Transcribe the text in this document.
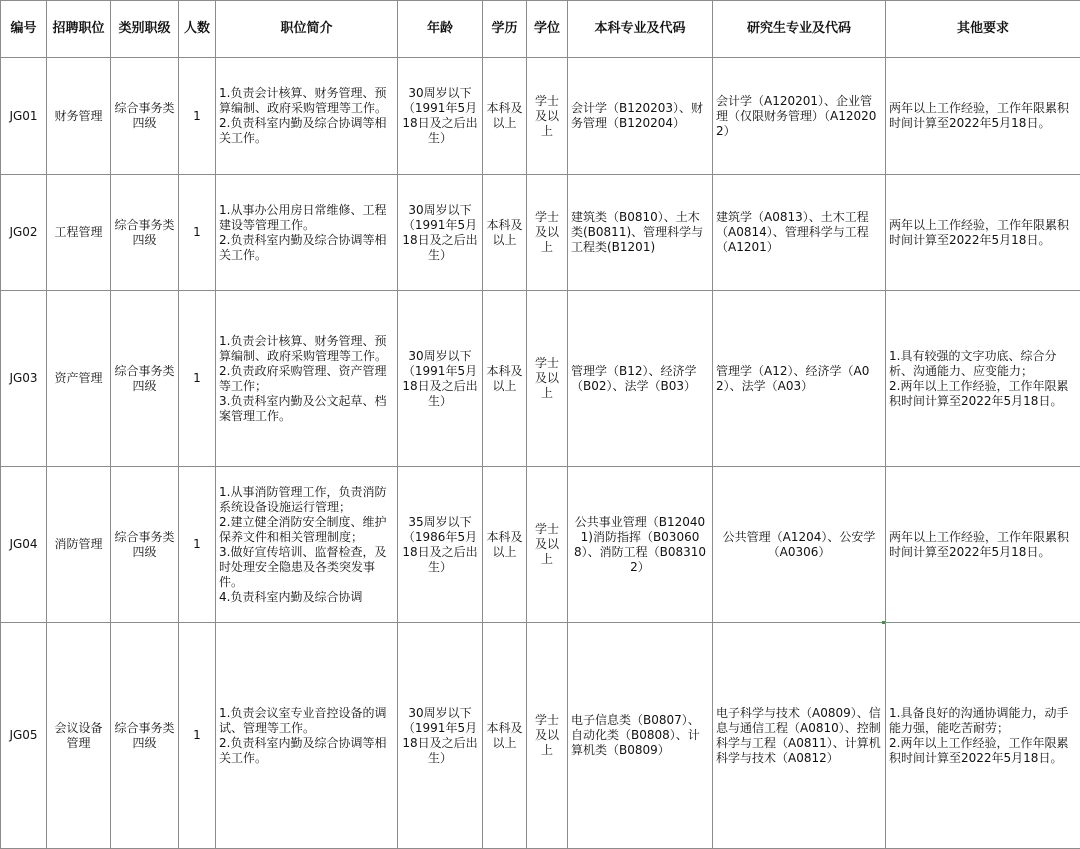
编号	招聘职位	类别职级	人数	职位简介	年龄	学历	学位	本科专业及代码	研究生专业及代码	其他要求
JG01	财务管理	综合事务类四级	1	1.负责会计核算、财务管理、预算编制、政府采购管理等工作。
2.负责科室内勤及综合协调等相关工作。	30周岁以下（1991年5月18日及之后出生）	本科及以上	学士及以上	会计学（B120203）、财务管理（B120204）	会计学（A120201）、企业管理（仅限财务管理）（A120202）	两年以上工作经验，工作年限累积时间计算至2022年5月18日。
JG02	工程管理	综合事务类四级	1	1.从事办公用房日常维修、工程建设等管理工作。
2.负责科室内勤及综合协调等相关工作。	30周岁以下（1991年5月18日及之后出生）	本科及以上	学士及以上	建筑类（B0810）、土木类(B0811)、管理科学与工程类(B1201)	建筑学（A0813）、土木工程（A0814）、管理科学与工程（A1201）	两年以上工作经验，工作年限累积时间计算至2022年5月18日。
JG03	资产管理	综合事务类四级	1	1.负责会计核算、财务管理、预算编制、政府采购管理等工作。2.负责政府采购管理、资产管理等工作；
3.负责科室内勤及公文起草、档案管理工作。	30周岁以下（1991年5月18日及之后出生）	本科及以上	学士及以上	管理学（B12）、经济学（B02）、法学（B03）	管理学（A12）、经济学（A02）、法学（A03）	1.具有较强的文字功底、综合分析、沟通能力、应变能力；
2.两年以上工作经验，工作年限累积时间计算至2022年5月18日。
JG04	消防管理	综合事务类四级	1	1.从事消防管理工作，负责消防系统设备设施运行管理；
2.建立健全消防安全制度、维护保养文件和相关管理制度；
3.做好宣传培训、监督检查，及时处理安全隐患及各类突发事件。
4.负责科室内勤及综合协调	35周岁以下（1986年5月18日及之后出生）	本科及以上	学士及以上	公共事业管理（B120401)消防指挥（B030608）、消防工程（B083102）	公共管理（A1204）、公安学（A0306）	两年以上工作经验，工作年限累积时间计算至2022年5月18日。
JG05	会议设备管理	综合事务类四级	1	1.负责会议室专业音控设备的调试、管理等工作。
2.负责科室内勤及综合协调等相关工作。	30周岁以下（1991年5月18日及之后出生）	本科及以上	学士及以上	电子信息类（B0807）、自动化类（B0808）、计算机类（B0809）	电子科学与技术（A0809）、信息与通信工程（A0810）、控制科学与工程（A0811）、计算机科学与技术（A0812）	1.具备良好的沟通协调能力，动手能力强，能吃苦耐劳；
2.两年以上工作经验，工作年限累积时间计算至2022年5月18日。
